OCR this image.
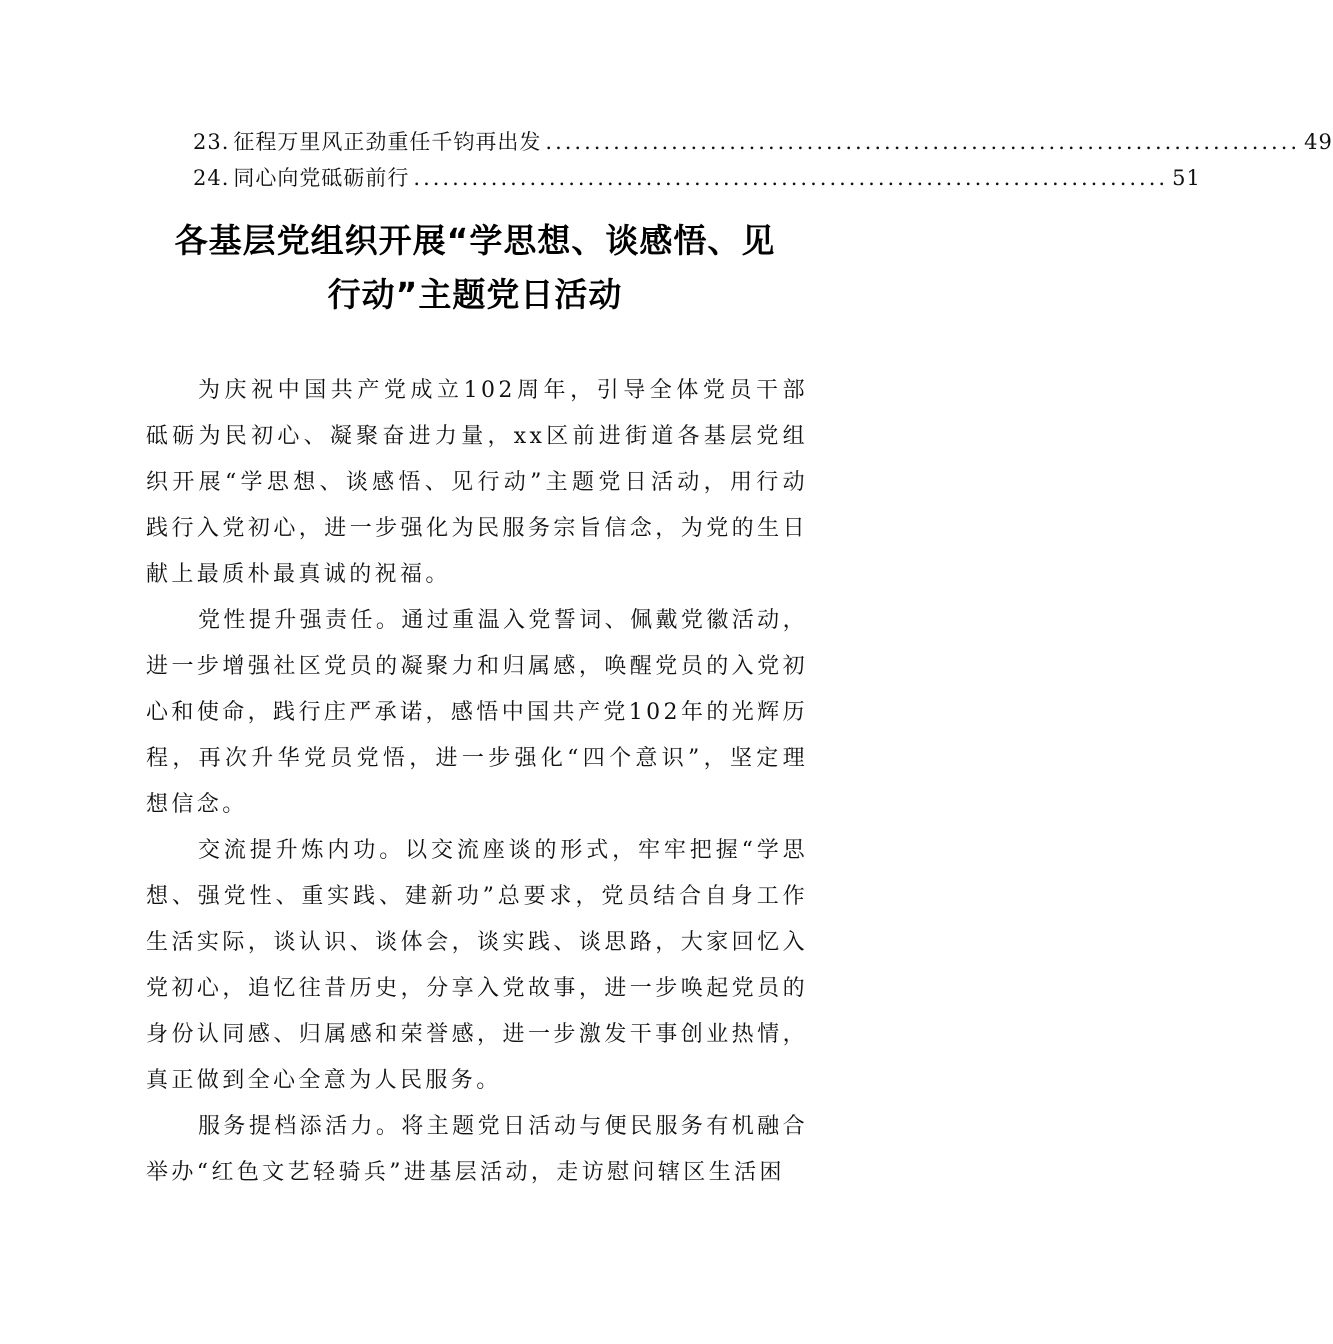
23. 征程万里风正劲重任千钧再出发 .............................................................................. 49
24. 同心向党砥砺前行 .............................................................................. 51
各基层党组织开展“学思想、谈感悟、见
行动”主题党日活动

为庆祝中国共产党成立102周年，引导全体党员干部砥砺为民初心、凝聚奋进力量，xx区前进街道各基层党组织开展“学思想、谈感悟、见行动”主题党日活动，用行动践行入党初心，进一步强化为民服务宗旨信念，为党的生日献上最质朴最真诚的祝福。

党性提升强责任。通过重温入党誓词、佩戴党徽活动，进一步增强社区党员的凝聚力和归属感，唤醒党员的入党初心和使命，践行庄严承诺，感悟中国共产党102年的光辉历程，再次升华党员党悟，进一步强化“四个意识”，坚定理想信念。

交流提升炼内功。以交流座谈的形式，牢牢把握“学思想、强党性、重实践、建新功”总要求，党员结合自身工作生活实际，谈认识、谈体会，谈实践、谈思路，大家回忆入党初心，追忆往昔历史，分享入党故事，进一步唤起党员的身份认同感、归属感和荣誉感，进一步激发干事创业热情，真正做到全心全意为人民服务。

服务提档添活力。将主题党日活动与便民服务有机融合举办“红色文艺轻骑兵”进基层活动，走访慰问辖区生活困
